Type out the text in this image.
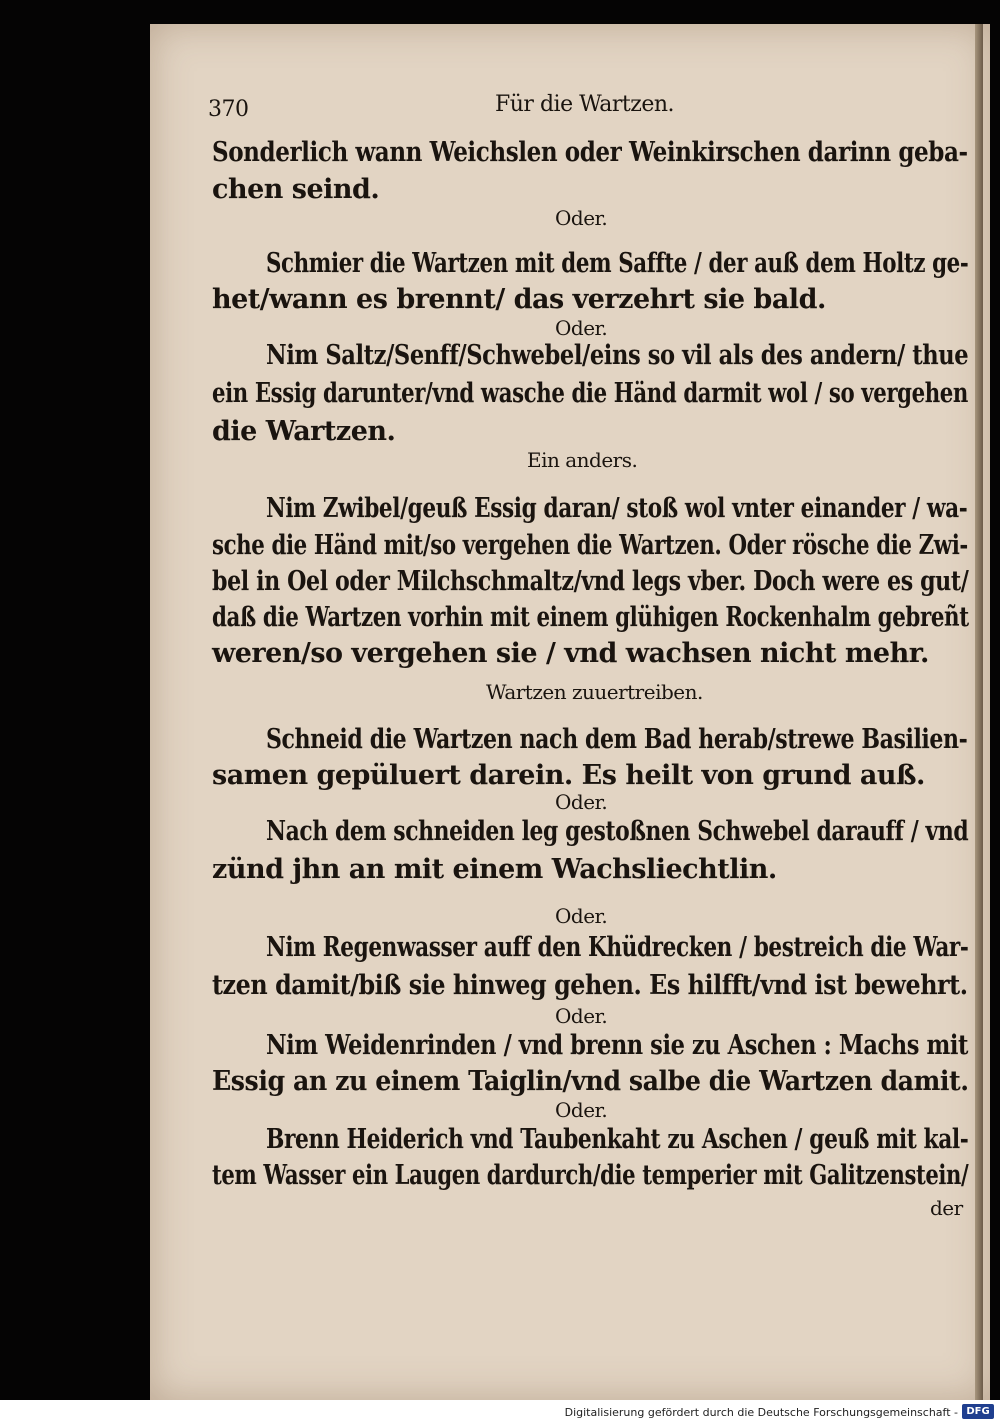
370	Für die Wartzen.
Sonderlich wann Weichslen oder Weinkirschen darinn geba-
chen seind.
Oder.
Schmier die Wartzen mit dem Saffte / der auß dem Holtz ge-
het/wann es brennt/ das verzehrt sie bald.
Oder.
Nim Saltz/Senff/Schwebel/eins so vil als des andern/ thue
ein Essig darunter/vnd wasche die Händ darmit wol / so vergehen
die Wartzen.
Ein anders.
Nim Zwibel/geuß Essig daran/ stoß wol vnter einander / wa-
sche die Händ mit/so vergehen die Wartzen. Oder rösche die Zwi-
bel in Oel oder Milchschmaltz/vnd legs vber. Doch were es gut/
daß die Wartzen vorhin mit einem glühigen Rockenhalm gebreñt
weren/so vergehen sie / vnd wachsen nicht mehr.
Wartzen zuuertreiben.
Schneid die Wartzen nach dem Bad herab/strewe Basilien-
samen gepüluert darein. Es heilt von grund auß.
Oder.
Nach dem schneiden leg gestoßnen Schwebel darauff / vnd
zünd jhn an mit einem Wachsliechtlin.
Oder.
Nim Regenwasser auff den Khüdrecken / bestreich die War-
tzen damit/biß sie hinweg gehen. Es hilfft/vnd ist bewehrt.
Oder.
Nim Weidenrinden / vnd brenn sie zu Aschen : Machs mit
Essig an zu einem Taiglin/vnd salbe die Wartzen damit.
Oder.
Brenn Heiderich vnd Taubenkaht zu Aschen / geuß mit kal-
tem Wasser ein Laugen dardurch/die temperier mit Galitzenstein/
der
Digitalisierung gefördert durch die Deutsche Forschungsgemeinschaft - DFG
